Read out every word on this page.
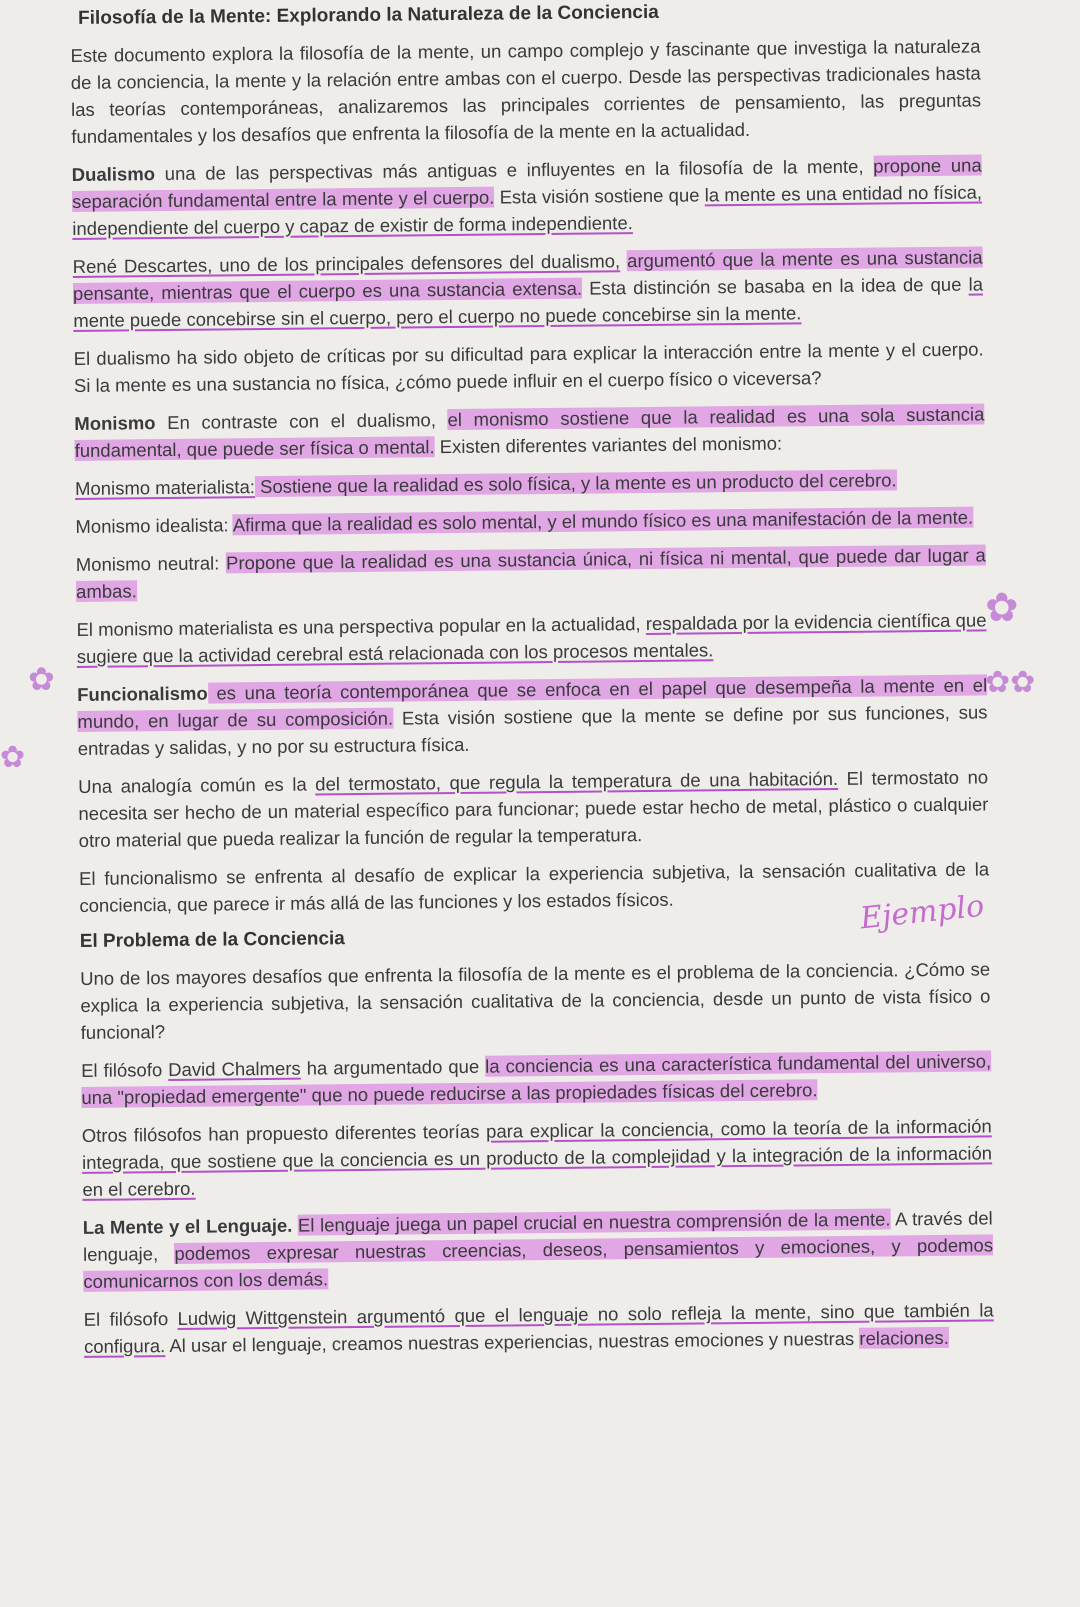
Filosofía de la Mente: Explorando la Naturaleza de la Conciencia

Este documento explora la filosofía de la mente, un campo complejo y fascinante que investiga la naturaleza de la conciencia, la mente y la relación entre ambas con el cuerpo. Desde las perspectivas tradicionales hasta las teorías contemporáneas, analizaremos las principales corrientes de pensamiento, las preguntas fundamentales y los desafíos que enfrenta la filosofía de la mente en la actualidad.

Dualismo una de las perspectivas más antiguas e influyentes en la filosofía de la mente, propone una separación fundamental entre la mente y el cuerpo. Esta visión sostiene que la mente es una entidad no física, independiente del cuerpo y capaz de existir de forma independiente.

René Descartes, uno de los principales defensores del dualismo, argumentó que la mente es una sustancia pensante, mientras que el cuerpo es una sustancia extensa. Esta distinción se basaba en la idea de que la mente puede concebirse sin el cuerpo, pero el cuerpo no puede concebirse sin la mente.

El dualismo ha sido objeto de críticas por su dificultad para explicar la interacción entre la mente y el cuerpo. Si la mente es una sustancia no física, ¿cómo puede influir en el cuerpo físico o viceversa?

Monismo En contraste con el dualismo, el monismo sostiene que la realidad es una sola sustancia fundamental, que puede ser física o mental. Existen diferentes variantes del monismo:

Monismo materialista: Sostiene que la realidad es solo física, y la mente es un producto del cerebro.

Monismo idealista: Afirma que la realidad es solo mental, y el mundo físico es una manifestación de la mente.

Monismo neutral: Propone que la realidad es una sustancia única, ni física ni mental, que puede dar lugar a ambas.

El monismo materialista es una perspectiva popular en la actualidad, respaldada por la evidencia científica que sugiere que la actividad cerebral está relacionada con los procesos mentales.

Funcionalismo es una teoría contemporánea que se enfoca en el papel que desempeña la mente en el mundo, en lugar de su composición. Esta visión sostiene que la mente se define por sus funciones, sus entradas y salidas, y no por su estructura física.

Una analogía común es la del termostato, que regula la temperatura de una habitación. El termostato no necesita ser hecho de un material específico para funcionar; puede estar hecho de metal, plástico o cualquier otro material que pueda realizar la función de regular la temperatura.

El funcionalismo se enfrenta al desafío de explicar la experiencia subjetiva, la sensación cualitativa de la conciencia, que parece ir más allá de las funciones y los estados físicos.

El Problema de la Conciencia

Uno de los mayores desafíos que enfrenta la filosofía de la mente es el problema de la conciencia. ¿Cómo se explica la experiencia subjetiva, la sensación cualitativa de la conciencia, desde un punto de vista físico o funcional?

El filósofo David Chalmers ha argumentado que la conciencia es una característica fundamental del universo, una "propiedad emergente" que no puede reducirse a las propiedades físicas del cerebro.

Otros filósofos han propuesto diferentes teorías para explicar la conciencia, como la teoría de la información integrada, que sostiene que la conciencia es un producto de la complejidad y la integración de la información en el cerebro.

La Mente y el Lenguaje. El lenguaje juega un papel crucial en nuestra comprensión de la mente. A través del lenguaje, podemos expresar nuestras creencias, deseos, pensamientos y emociones, y podemos comunicarnos con los demás.

El filósofo Ludwig Wittgenstein argumentó que el lenguaje no solo refleja la mente, sino que también la configura. Al usar el lenguaje, creamos nuestras experiencias, nuestras emociones y nuestras relaciones.

Ejemplo
✿
✿✿
✿
✿
